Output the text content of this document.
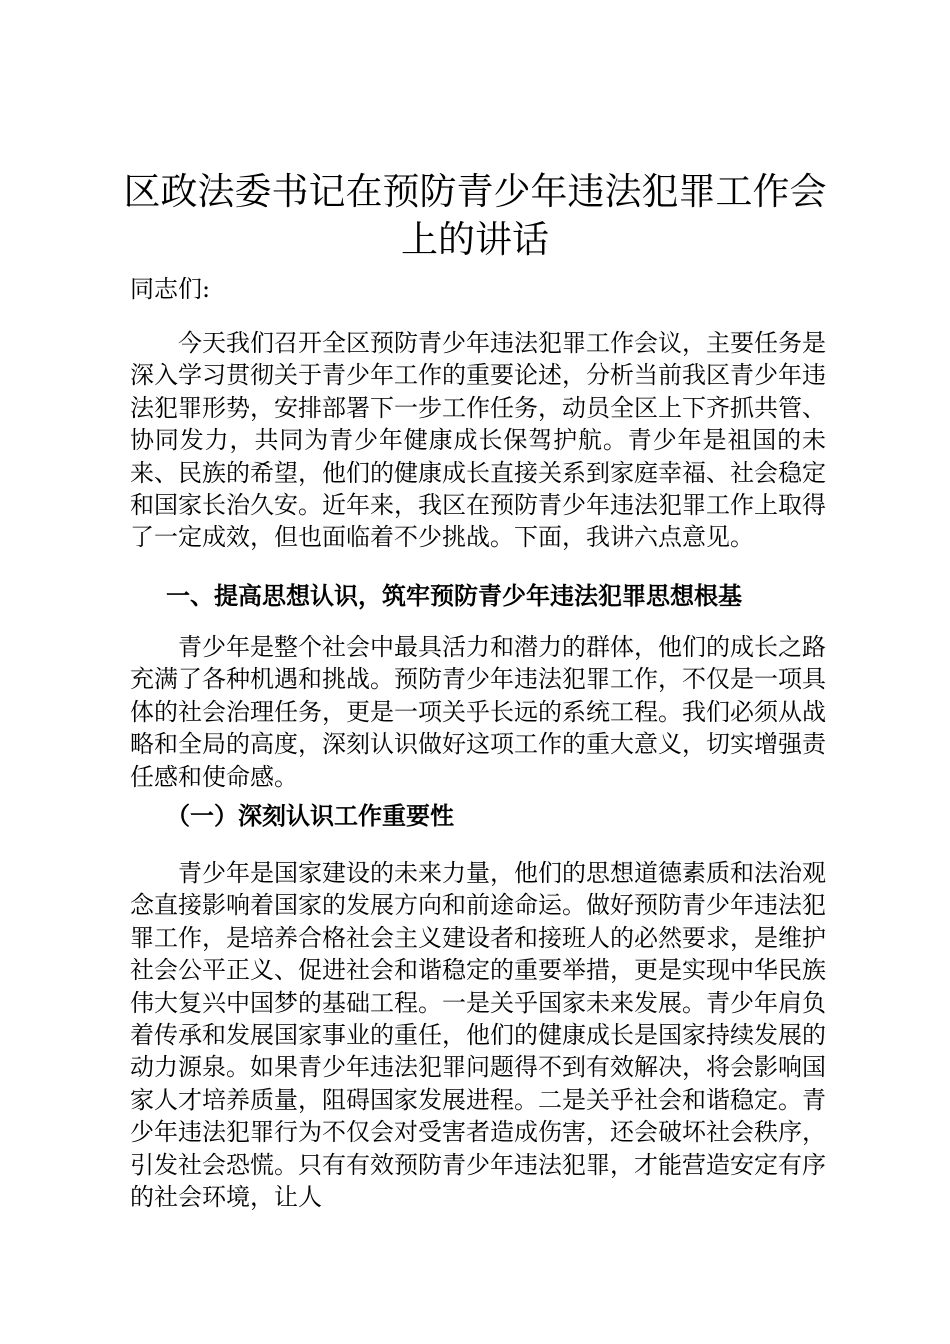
区政法委书记在预防青少年违法犯罪工作会上的讲话

同志们:

今天我们召开全区预防青少年违法犯罪工作会议，主要任务是深入学习贯彻关于青少年工作的重要论述，分析当前我区青少年违法犯罪形势，安排部署下一步工作任务，动员全区上下齐抓共管、协同发力，共同为青少年健康成长保驾护航。青少年是祖国的未来、民族的希望，他们的健康成长直接关系到家庭幸福、社会稳定和国家长治久安。近年来，我区在预防青少年违法犯罪工作上取得了一定成效，但也面临着不少挑战。下面，我讲六点意见。

一、提高思想认识，筑牢预防青少年违法犯罪思想根基

青少年是整个社会中最具活力和潜力的群体，他们的成长之路充满了各种机遇和挑战。预防青少年违法犯罪工作，不仅是一项具体的社会治理任务，更是一项关乎长远的系统工程。我们必须从战略和全局的高度，深刻认识做好这项工作的重大意义，切实增强责任感和使命感。

（一）深刻认识工作重要性

青少年是国家建设的未来力量，他们的思想道德素质和法治观念直接影响着国家的发展方向和前途命运。做好预防青少年违法犯罪工作，是培养合格社会主义建设者和接班人的必然要求，是维护社会公平正义、促进社会和谐稳定的重要举措，更是实现中华民族伟大复兴中国梦的基础工程。一是关乎国家未来发展。青少年肩负着传承和发展国家事业的重任，他们的健康成长是国家持续发展的动力源泉。如果青少年违法犯罪问题得不到有效解决，将会影响国家人才培养质量，阻碍国家发展进程。二是关乎社会和谐稳定。青少年违法犯罪行为不仅会对受害者造成伤害，还会破坏社会秩序，引发社会恐慌。只有有效预防青少年违法犯罪，才能营造安定有序的社会环境，让人
